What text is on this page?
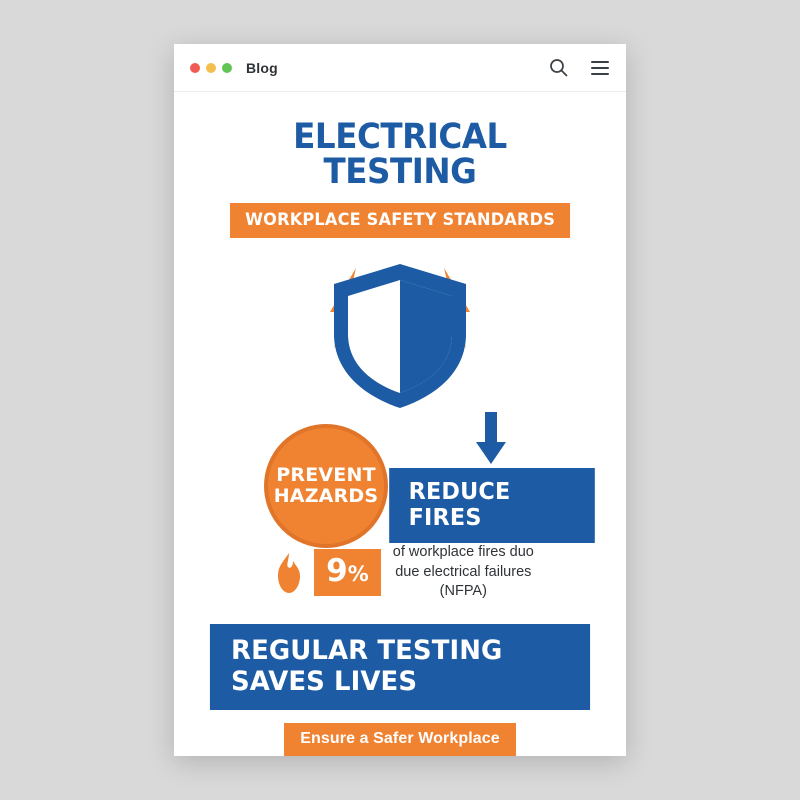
Blog
ELECTRICAL TESTING
WORKPLACE SAFETY STANDARDS
PREVENT
HAZARDS	REDUCE FIRES
9%
of workplace fires duo
due electrical failures
(NFPA)
REGULAR TESTING SAVES LIVES
Ensure a Safer Workplace
